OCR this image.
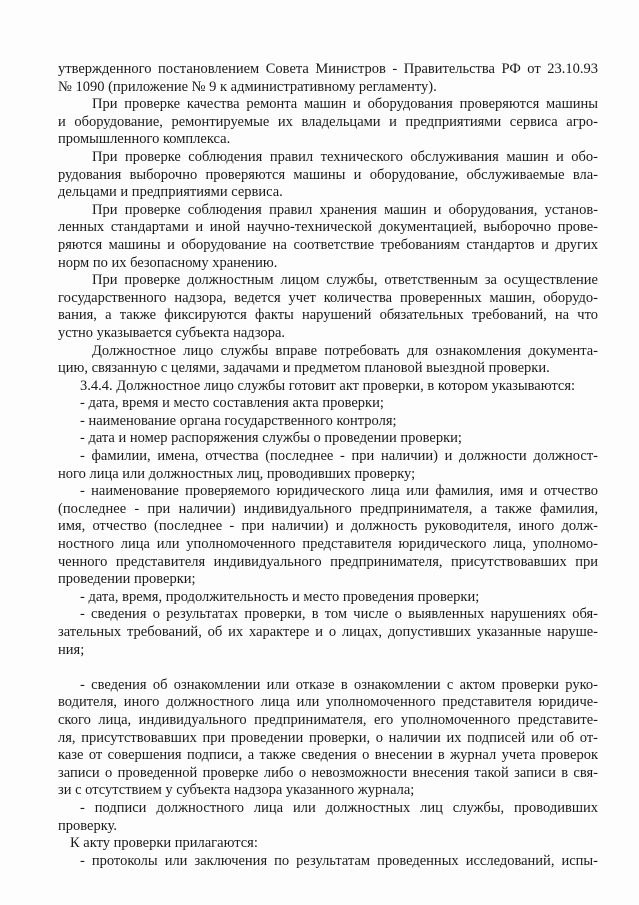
утвержденного постановлением Совета Министров - Правительства РФ от 23.10.93
№ 1090 (приложение № 9 к административному регламенту).
При проверке качества ремонта машин и оборудования проверяются машины
и оборудование, ремонтируемые их владельцами и предприятиями сервиса агро-
промышленного комплекса.
При проверке соблюдения правил технического обслуживания машин и обо-
рудования выборочно проверяются машины и оборудование, обслуживаемые вла-
дельцами и предприятиями сервиса.
При проверке соблюдения правил хранения машин и оборудования, установ-
ленных стандартами и иной научно-технической документацией, выборочно прове-
ряются машины и оборудование на соответствие требованиям стандартов и других
норм по их безопасному хранению.
При проверке должностным лицом службы, ответственным за осуществление
государственного надзора, ведется учет количества проверенных машин, оборудо-
вания, а также фиксируются факты нарушений обязательных требований, на что
устно указывается субъекта надзора.
Должностное лицо службы вправе потребовать для ознакомления документа-
цию, связанную с целями, задачами и предметом плановой выездной проверки.
3.4.4. Должностное лицо службы готовит акт проверки, в котором указываются:
- дата, время и место составления акта проверки;
- наименование органа государственного контроля;
- дата и номер распоряжения службы о проведении проверки;
- фамилии, имена, отчества (последнее - при наличии) и должности должност-
ного лица или должностных лиц, проводивших проверку;
- наименование проверяемого юридического лица или фамилия, имя и отчество
(последнее - при наличии) индивидуального предпринимателя, а также фамилия,
имя, отчество (последнее - при наличии) и должность руководителя, иного долж-
ностного лица или уполномоченного представителя юридического лица, уполномо-
ченного представителя индивидуального предпринимателя, присутствовавших при
проведении проверки;
- дата, время, продолжительность и место проведения проверки;
- сведения о результатах проверки, в том числе о выявленных нарушениях обя-
зательных требований, об их характере и о лицах, допустивших указанные наруше-
ния;
- сведения об ознакомлении или отказе в ознакомлении с актом проверки руко-
водителя, иного должностного лица или уполномоченного представителя юридиче-
ского лица, индивидуального предпринимателя, его уполномоченного представите-
ля, присутствовавших при проведении проверки, о наличии их подписей или об от-
казе от совершения подписи, а также сведения о внесении в журнал учета проверок
записи о проведенной проверке либо о невозможности внесения такой записи в свя-
зи с отсутствием у субъекта надзора указанного журнала;
- подписи должностного лица или должностных лиц службы, проводивших
проверку.
К акту проверки прилагаются:
- протоколы или заключения по результатам проведенных исследований, испы-
